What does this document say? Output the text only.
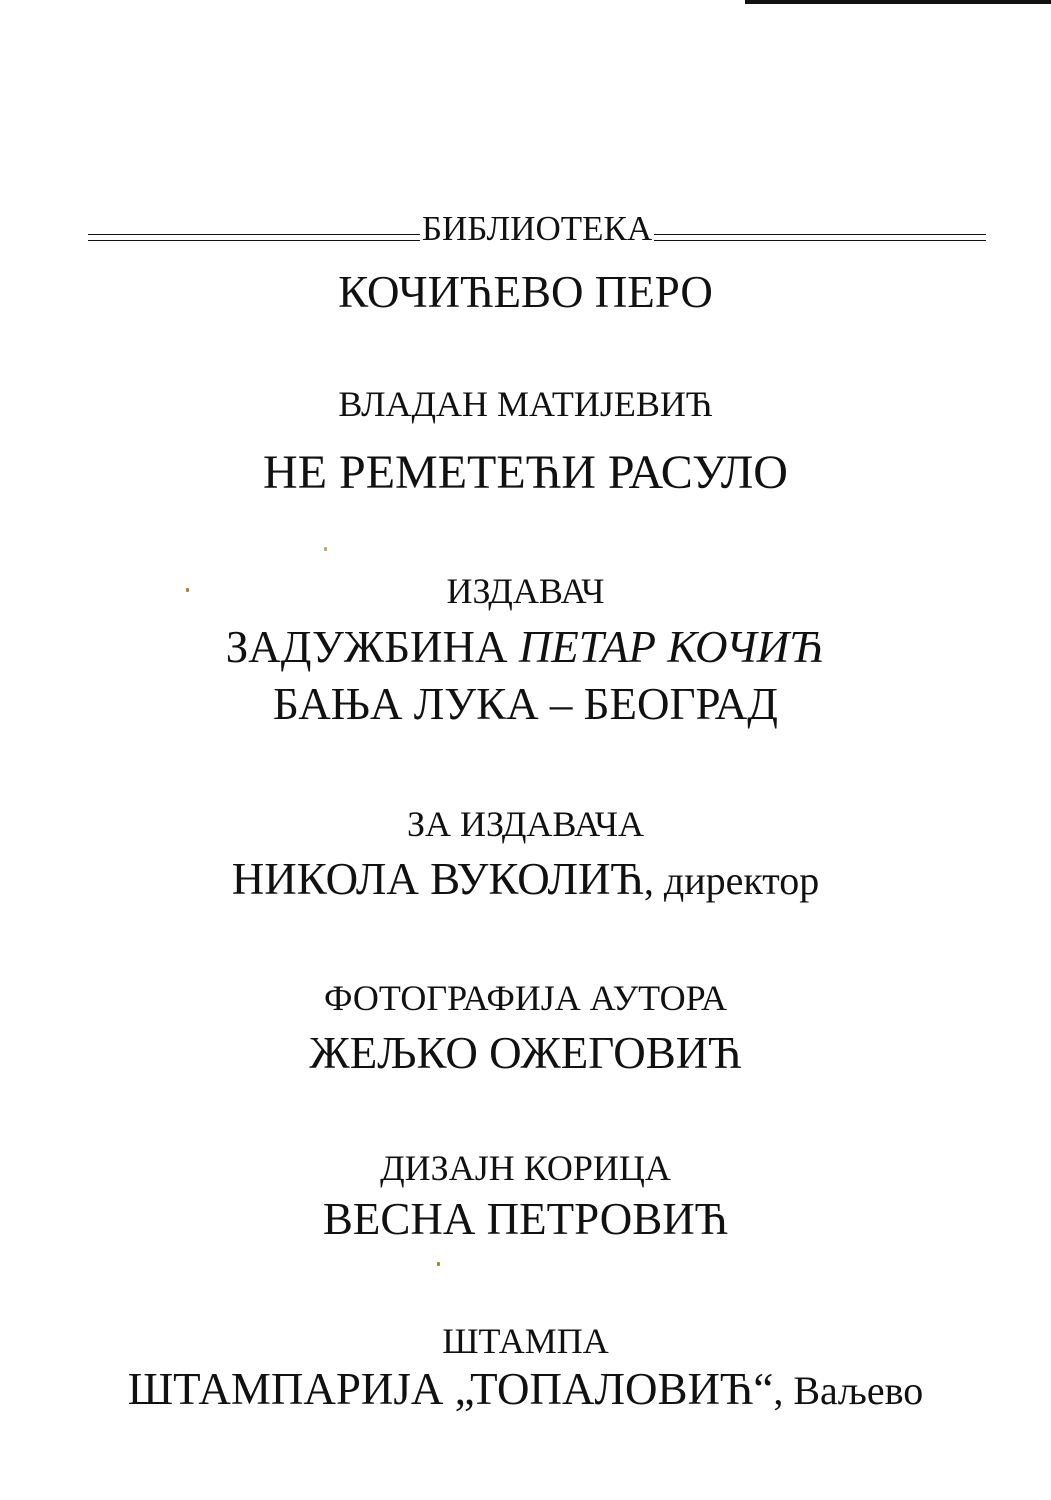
БИБЛИОТЕКА
КОЧИЋЕВО ПЕРО
ВЛАДАН МАТИЈЕВИЋ
НЕ РЕМЕТЕЋИ РАСУЛО
ИЗДАВАЧ
ЗАДУЖБИНА ПЕТАР КОЧИЋ
БАЊА ЛУКА – БЕОГРАД
ЗА ИЗДАВАЧА
НИКОЛА ВУКОЛИЋ, директор
ФОТОГРАФИЈА АУТОРА
ЖЕЉКО ОЖЕГОВИЋ
ДИЗАЈН КОРИЦА
ВЕСНА ПЕТРОВИЋ
ШТАМПА
ШТАМПАРИЈА „ТОПАЛОВИЋ“, Ваљево
